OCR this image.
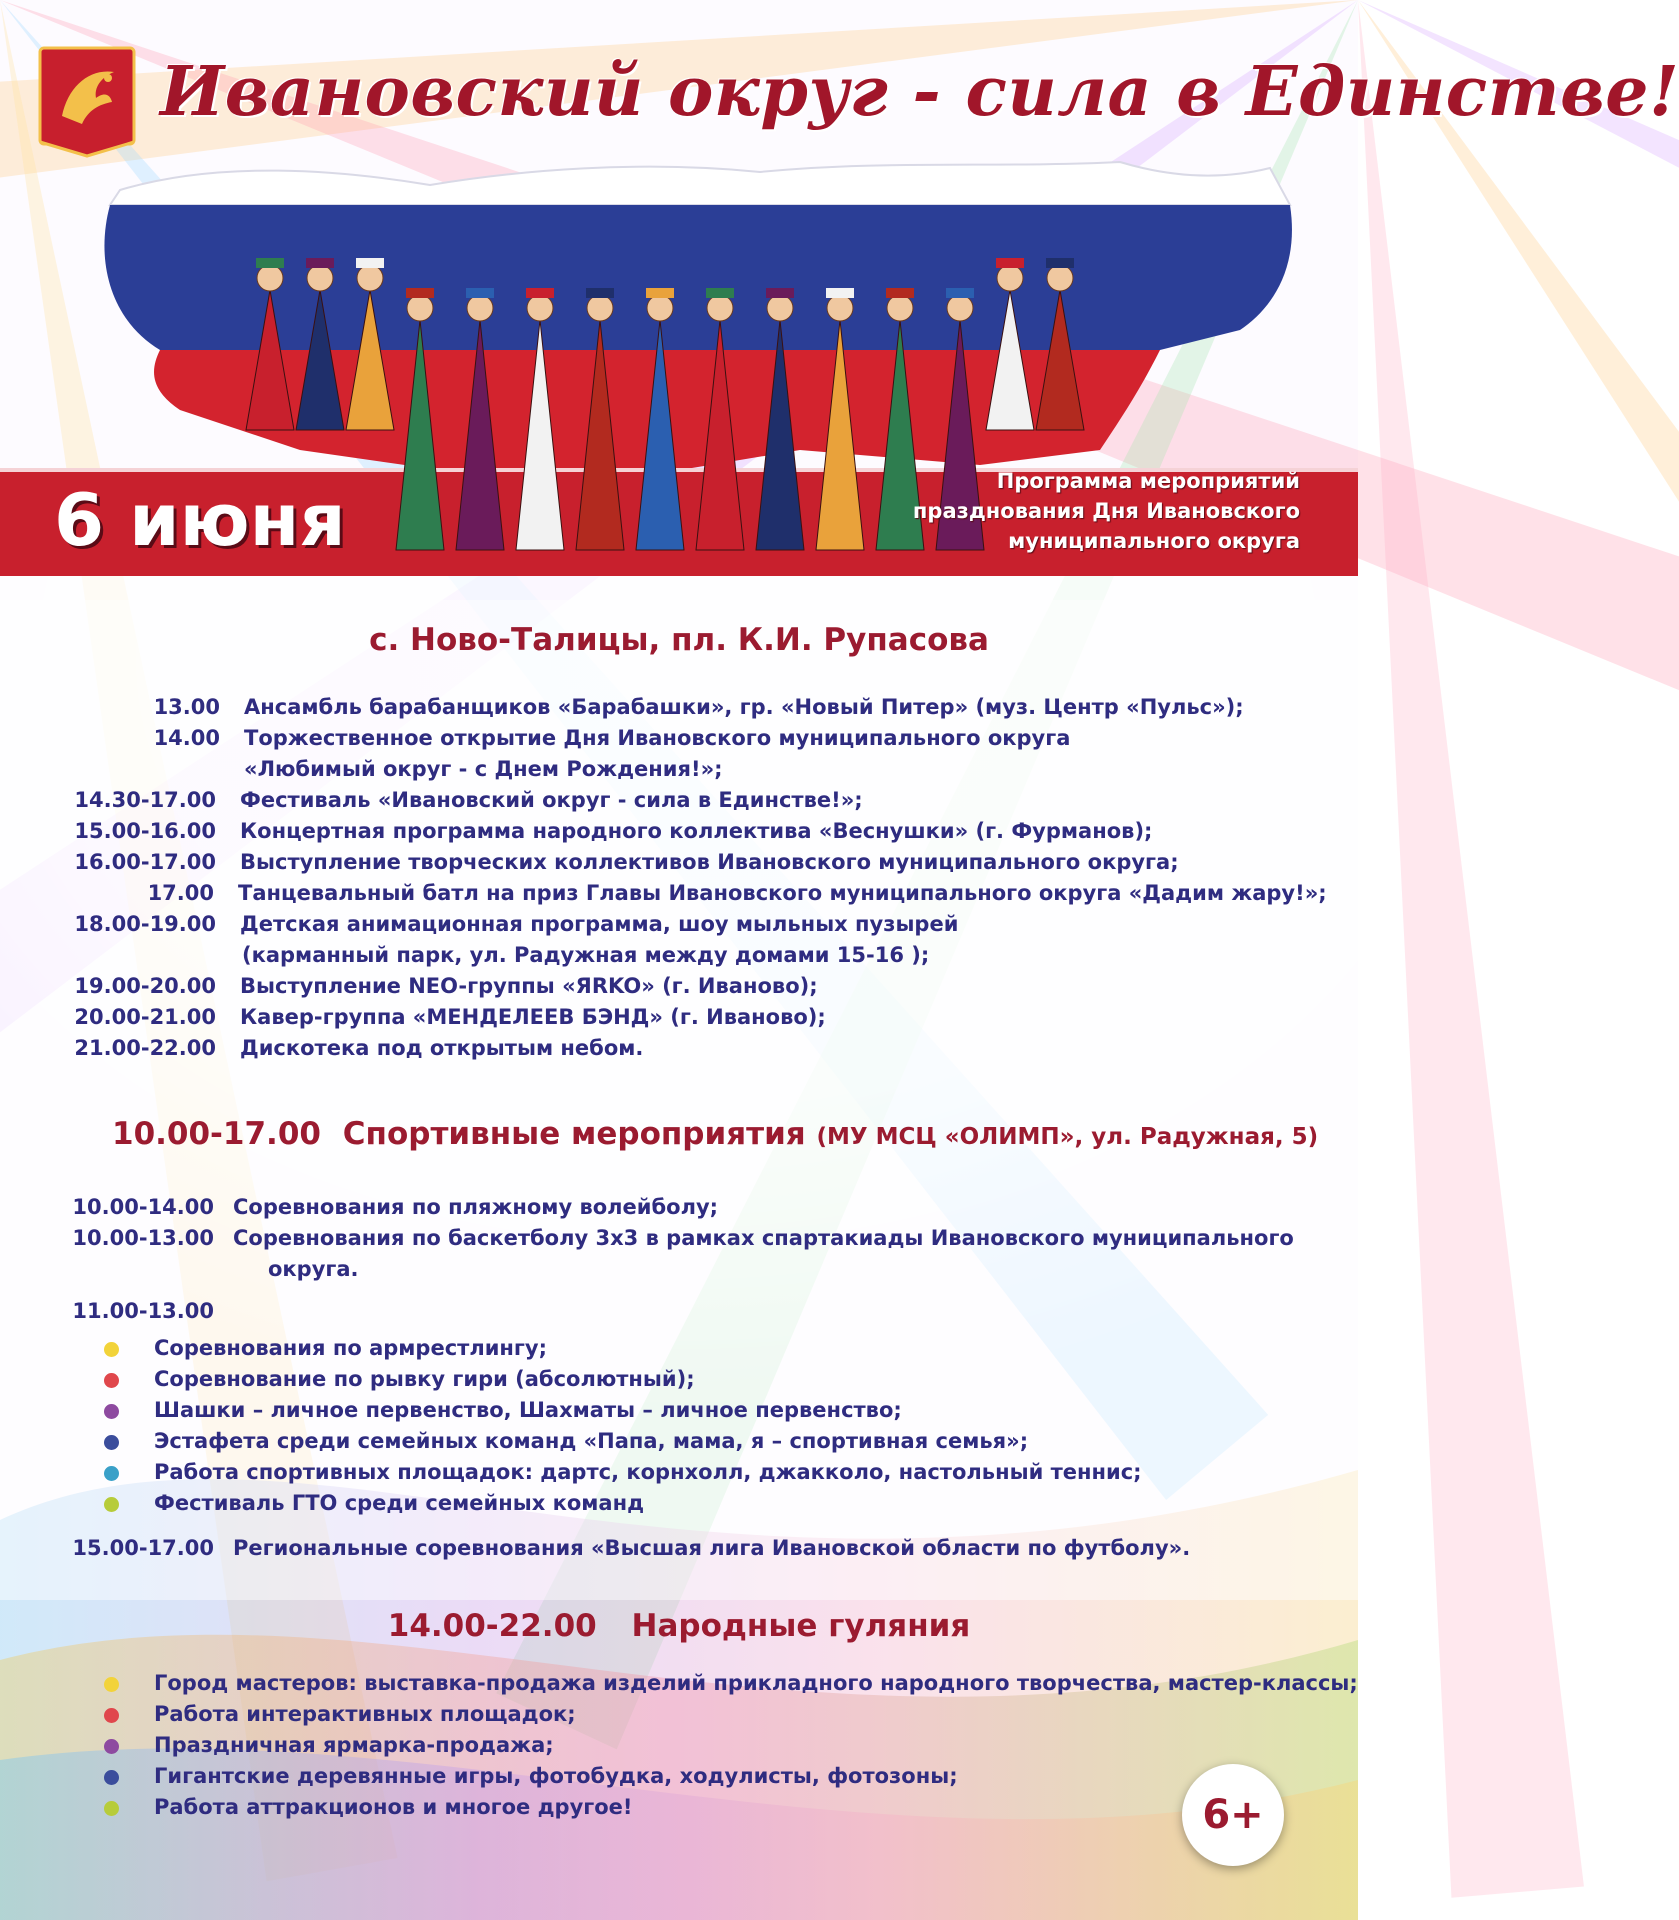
Ивановский округ - сила в Единстве!
6 июня	Программа мероприятий
празднования Дня Ивановского
муниципального округа
с. Ново-Талицы, пл. К.И. Рупасова
13.00 Ансамбль барабанщиков «Барабашки», гр. «Новый Питер» (муз. Центр «Пульс»);
14.00 Торжественное открытие Дня Ивановского муниципального округа
«Любимый округ - с Днем Рождения!»;
14.30-17.00 Фестиваль «Ивановский округ - сила в Единстве!»;
15.00-16.00 Концертная программа народного коллектива «Веснушки» (г. Фурманов);
16.00-17.00 Выступление творческих коллективов Ивановского муниципального округа;
17.00 Танцевальный батл на приз Главы Ивановского муниципального округа «Дадим жару!»;
18.00-19.00 Детская анимационная программа, шоу мыльных пузырей
(карманный парк, ул. Радужная между домами 15-16 );
19.00-20.00 Выступление NEO-группы «ЯRKO» (г. Иваново);
20.00-21.00 Кавер-группа «МЕНДЕЛЕЕВ БЭНД» (г. Иваново);
21.00-22.00 Дискотека под открытым небом.
10.00-17.00 Спортивные мероприятия (МУ МСЦ «ОЛИМП», ул. Радужная, 5)
10.00-14.00 Соревнования по пляжному волейболу;
10.00-13.00 Соревнования по баскетболу 3х3 в рамках спартакиады Ивановского муниципального
округа.
11.00-13.00
Соревнования по армрестлингу;
Соревнование по рывку гири (абсолютный);
Шашки – личное первенство, Шахматы – личное первенство;
Эстафета среди семейных команд «Папа, мама, я – спортивная семья»;
Работа спортивных площадок: дартс, корнхолл, джакколо, настольный теннис;
Фестиваль ГТО среди семейных команд
15.00-17.00 Региональные соревнования «Высшая лига Ивановской области по футболу».
14.00-22.00 Народные гуляния
Город мастеров: выставка-продажа изделий прикладного народного творчества, мастер-классы;
Работа интерактивных площадок;
Праздничная ярмарка-продажа;
Гигантские деревянные игры, фотобудка, ходулисты, фотозоны;
Работа аттракционов и многое другое!	6+
